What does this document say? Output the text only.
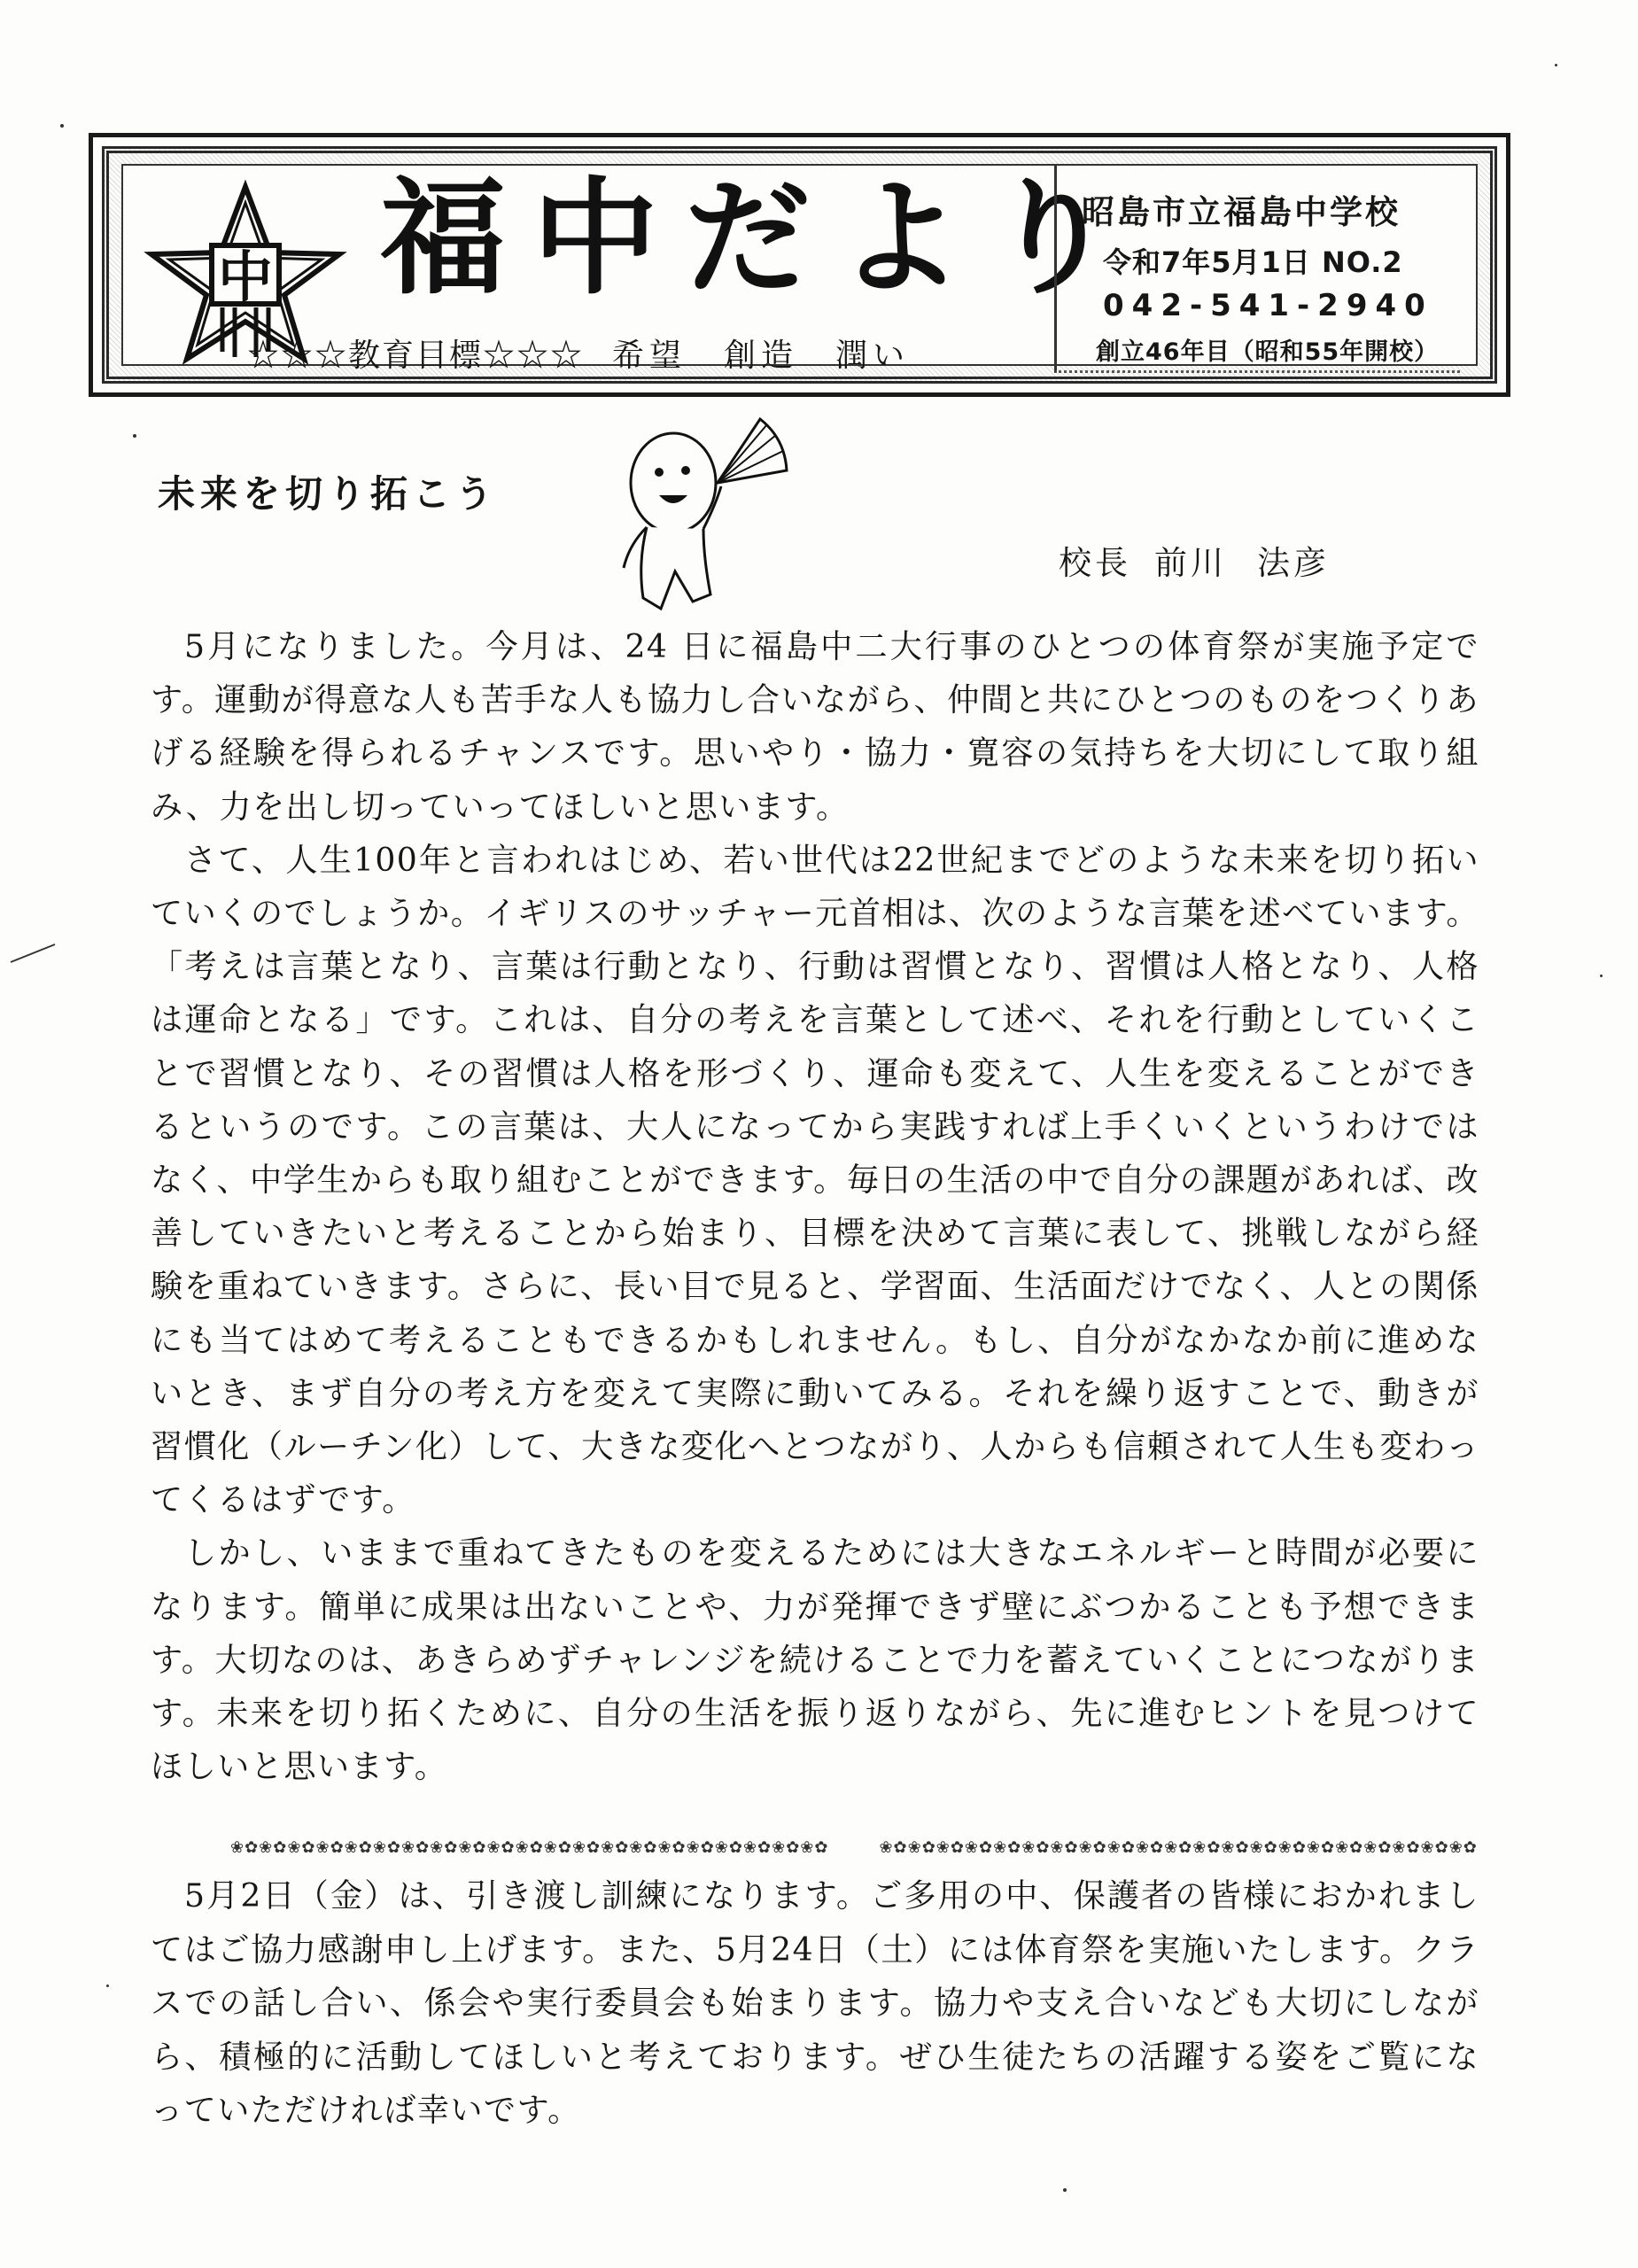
中 福中だより
☆☆☆教育目標☆☆☆ 希望　創造　潤い
昭島市立福島中学校
令和7年5月1日 NO.2
042-541-2940
創立46年目（昭和55年開校）
未来を切り拓こう
校長 前川 法彦

5月になりました。今月は、24 日に福島中二大行事のひとつの体育祭が実施予定です。運動が得意な人も苦手な人も協力し合いながら、仲間と共にひとつのものをつくりあげる経験を得られるチャンスです。思いやり・協力・寛容の気持ちを大切にして取り組み、力を出し切っていってほしいと思います。

さて、人生100年と言われはじめ、若い世代は22世紀までどのような未来を切り拓いていくのでしょうか。イギリスのサッチャー元首相は、次のような言葉を述べています。「考えは言葉となり、言葉は行動となり、行動は習慣となり、習慣は人格となり、人格は運命となる」です。これは、自分の考えを言葉として述べ、それを行動としていくことで習慣となり、その習慣は人格を形づくり、運命も変えて、人生を変えることができるというのです。この言葉は、大人になってから実践すれば上手くいくというわけではなく、中学生からも取り組むことができます。毎日の生活の中で自分の課題があれば、改善していきたいと考えることから始まり、目標を決めて言葉に表して、挑戦しながら経験を重ねていきます。さらに、長い目で見ると、学習面、生活面だけでなく、人との関係にも当てはめて考えることもできるかもしれません。もし、自分がなかなか前に進めないとき、まず自分の考え方を変えて実際に動いてみる。それを繰り返すことで、動きが習慣化（ルーチン化）して、大きな変化へとつながり、人からも信頼されて人生も変わってくるはずです。

しかし、いままで重ねてきたものを変えるためには大きなエネルギーと時間が必要になります。簡単に成果は出ないことや、力が発揮できず壁にぶつかることも予想できます。大切なのは、あきらめずチャレンジを続けることで力を蓄えていくことにつながります。未来を切り拓くために、自分の生活を振り返りながら、先に進むヒントを見つけてほしいと思います。

❀✿❀✿❀✿❀✿❀✿❀✿❀✿❀✿❀✿❀✿❀✿❀✿❀✿❀✿❀✿❀✿❀✿❀✿❀✿❀✿❀✿　　　❀✿❀✿❀✿❀✿❀✿❀✿❀✿❀✿❀✿❀✿❀✿❀✿❀✿❀✿❀✿❀✿❀✿❀✿❀✿❀✿❀✿

5月2日（金）は、引き渡し訓練になります。ご多用の中、保護者の皆様におかれましてはご協力感謝申し上げます。また、5月24日（土）には体育祭を実施いたします。クラスでの話し合い、係会や実行委員会も始まります。協力や支え合いなども大切にしながら、積極的に活動してほしいと考えております。ぜひ生徒たちの活躍する姿をご覧になっていただければ幸いです。
